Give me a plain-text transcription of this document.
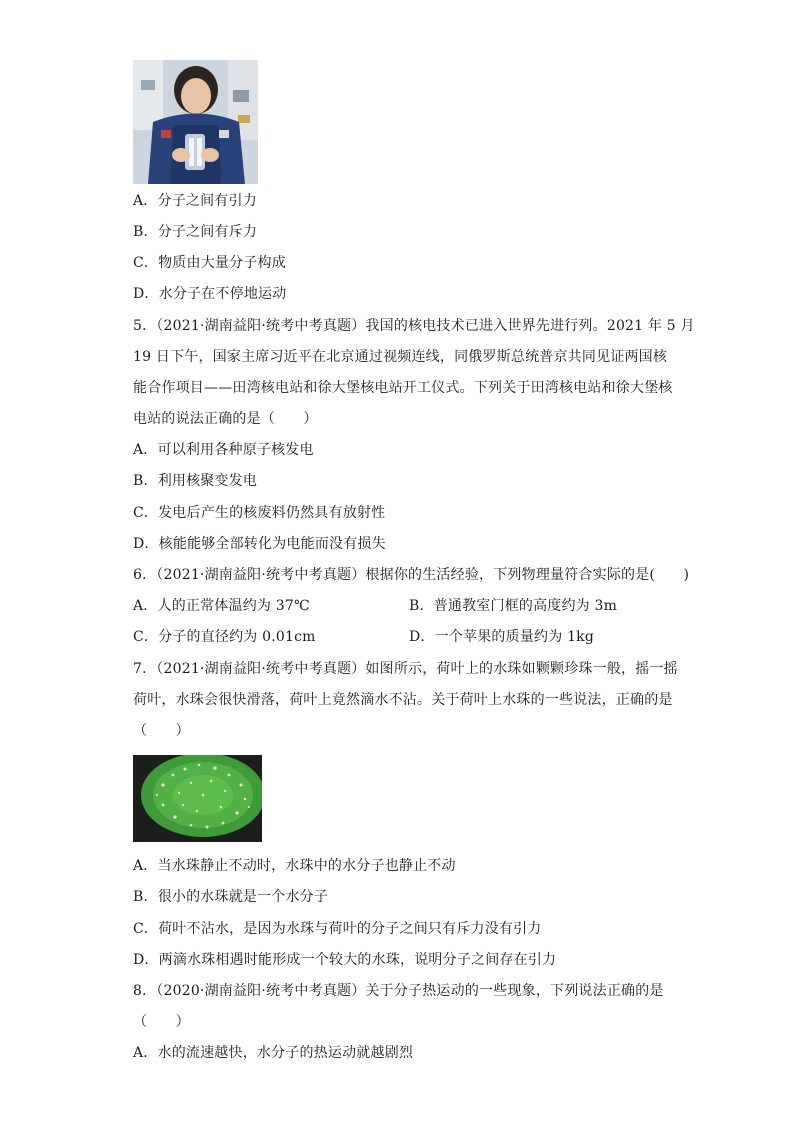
A．分子之间有引力
B．分子之间有斥力
C．物质由大量分子构成
D．水分子在不停地运动
5．（2021·湖南益阳·统考中考真题）我国的核电技术已进入世界先进行列。2021 年 5 月
19 日下午，国家主席习近平在北京通过视频连线，同俄罗斯总统普京共同见证两国核
能合作项目——田湾核电站和徐大堡核电站开工仪式。下列关于田湾核电站和徐大堡核
电站的说法正确的是（　　）
A．可以利用各种原子核发电
B．利用核聚变发电
C．发电后产生的核废料仍然具有放射性
D．核能能够全部转化为电能而没有损失
6．（2021·湖南益阳·统考中考真题）根据你的生活经验，下列物理量符合实际的是(　　)
A．人的正常体温约为 37℃	B．普通教室门框的高度约为 3m
C．分子的直径约为 0.01cm	D．一个苹果的质量约为 1kg
7．（2021·湖南益阳·统考中考真题）如图所示，荷叶上的水珠如颗颗珍珠一般，摇一摇
荷叶，水珠会很快滑落，荷叶上竟然滴水不沾。关于荷叶上水珠的一些说法，正确的是
（　　）
A．当水珠静止不动时，水珠中的水分子也静止不动
B．很小的水珠就是一个水分子
C．荷叶不沾水，是因为水珠与荷叶的分子之间只有斥力没有引力
D．两滴水珠相遇时能形成一个较大的水珠，说明分子之间存在引力
8．（2020·湖南益阳·统考中考真题）关于分子热运动的一些现象，下列说法正确的是
（　　）
A．水的流速越快，水分子的热运动就越剧烈
